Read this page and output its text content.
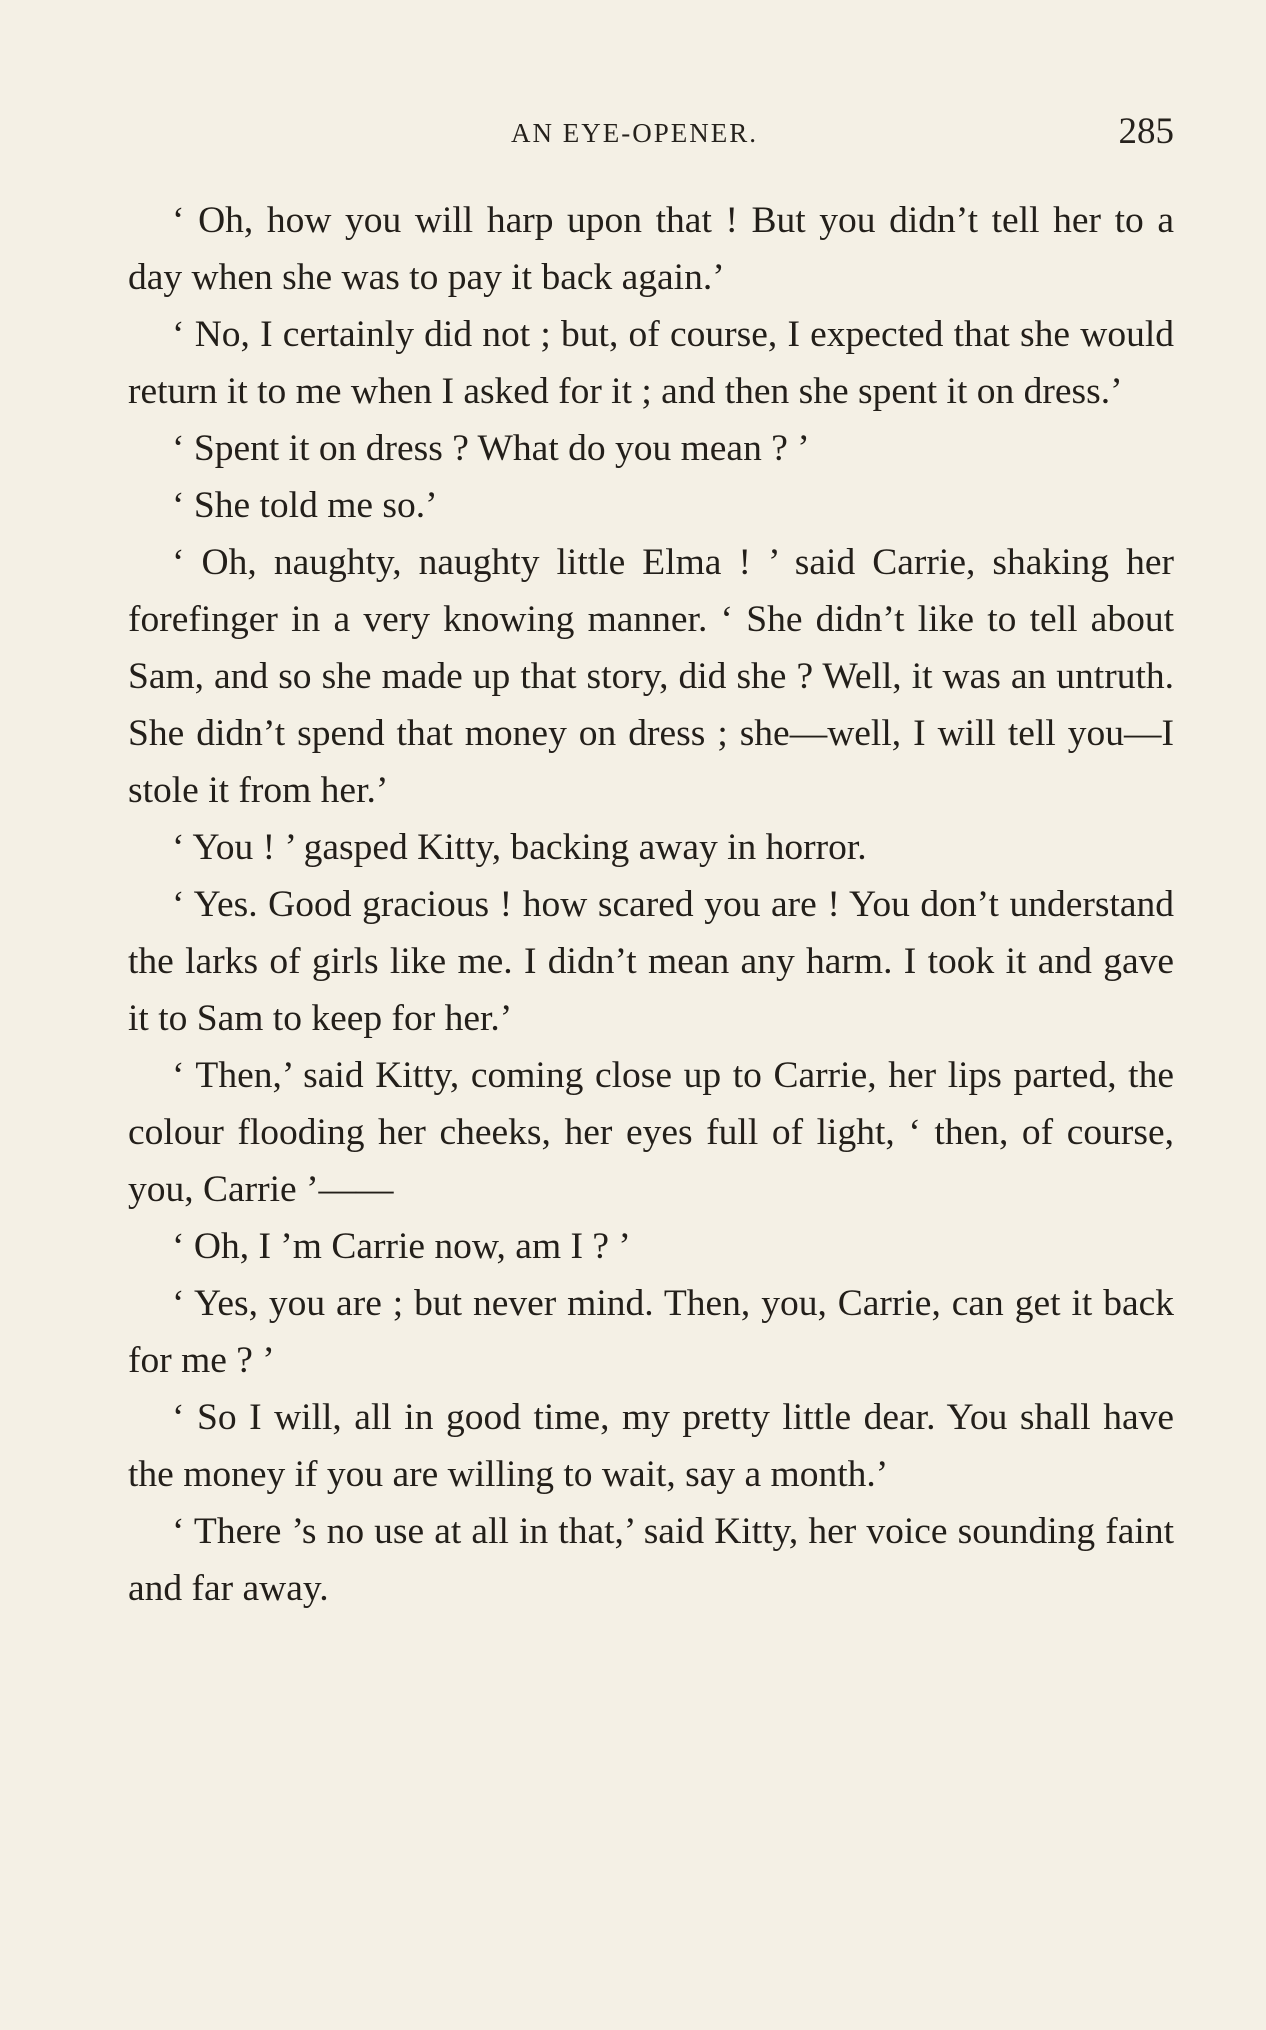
AN EYE-OPENER.	285

‘ Oh, how you will harp upon that ! But you didn’t tell her to a day when she was to pay it back again.’

‘ No, I certainly did not ; but, of course, I expected that she would return it to me when I asked for it ; and then she spent it on dress.’

‘ Spent it on dress ? What do you mean ? ’

‘ She told me so.’

‘ Oh, naughty, naughty little Elma ! ’ said Carrie, shaking her forefinger in a very knowing manner. ‘ She didn’t like to tell about Sam, and so she made up that story, did she ? Well, it was an untruth. She didn’t spend that money on dress ; she—well, I will tell you—I stole it from her.’

‘ You ! ’ gasped Kitty, backing away in horror.

‘ Yes. Good gracious ! how scared you are ! You don’t understand the larks of girls like me. I didn’t mean any harm. I took it and gave it to Sam to keep for her.’

‘ Then,’ said Kitty, coming close up to Carrie, her lips parted, the colour flooding her cheeks, her eyes full of light, ‘ then, of course, you, Carrie ’——

‘ Oh, I ’m Carrie now, am I ? ’

‘ Yes, you are ; but never mind. Then, you, Carrie, can get it back for me ? ’

‘ So I will, all in good time, my pretty little dear. You shall have the money if you are willing to wait, say a month.’

‘ There ’s no use at all in that,’ said Kitty, her voice sounding faint and far away.
